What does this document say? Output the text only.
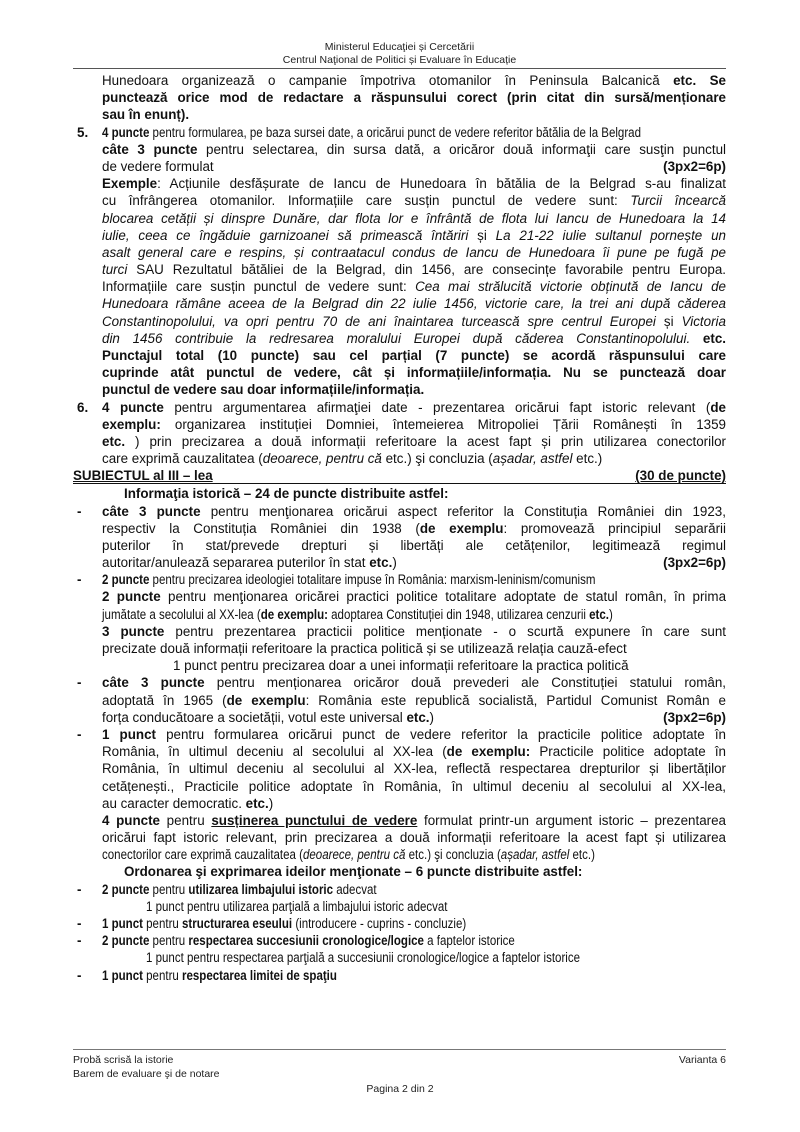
Ministerul Educaţiei și Cercetării
Centrul Naţional de Politici și Evaluare în Educație
Hunedoara organizează o campanie împotriva otomanilor în Peninsula Balcanică etc. Se
punctează orice mod de redactare a răspunsului corect (prin citat din sursă/menționare
sau în enunț).
5. 4 puncte pentru formularea, pe baza sursei date, a oricărui punct de vedere referitor bătălia de la Belgrad
câte 3 puncte pentru selectarea, din sursa dată, a oricăror două informaţii care susţin punctul
de vedere formulat	(3px2=6p)
Exemple: Acțiunile desfășurate de Iancu de Hunedoara în bătălia de la Belgrad s-au finalizat
cu înfrângerea otomanilor. Informațiile care susțin punctul de vedere sunt: Turcii încearcă
blocarea cetății și dinspre Dunăre, dar flota lor e înfrântă de flota lui Iancu de Hunedoara la 14
iulie, ceea ce îngăduie garnizoanei să primească întăriri și La 21-22 iulie sultanul pornește un
asalt general care e respins, și contraatacul condus de Iancu de Hunedoara îi pune pe fugă pe
turci SAU Rezultatul bătăliei de la Belgrad, din 1456, are consecințe favorabile pentru Europa.
Informațiile care susțin punctul de vedere sunt: Cea mai strălucită victorie obținută de Iancu de
Hunedoara rămâne aceea de la Belgrad din 22 iulie 1456, victorie care, la trei ani după căderea
Constantinopolului, va opri pentru 70 de ani înaintarea turcească spre centrul Europei și Victoria
din 1456 contribuie la redresarea moralului Europei după căderea Constantinopolului. etc.
Punctajul total (10 puncte) sau cel parțial (7 puncte) se acordă răspunsului care
cuprinde atât punctul de vedere, cât și informațiile/informația. Nu se punctează doar
punctul de vedere sau doar informațiile/informația.
6. 4 puncte pentru argumentarea afirmaţiei date - prezentarea oricărui fapt istoric relevant (de
exemplu: organizarea instituției Domniei, întemeierea Mitropoliei Țării Românești în 1359
etc. ) prin precizarea a două informații referitoare la acest fapt și prin utilizarea conectorilor
care exprimă cauzalitatea (deoarece, pentru că etc.) şi concluzia (așadar, astfel etc.)
SUBIECTUL al III – lea	(30 de puncte)
Informaţia istorică – 24 de puncte distribuite astfel:
- câte 3 puncte pentru menţionarea oricărui aspect referitor la Constituția României din 1923,
respectiv la Constituția României din 1938 (de exemplu: promovează principiul separării
puterilor în stat/prevede drepturi și libertăți ale cetățenilor, legitimează regimul
autoritar/anulează separarea puterilor în stat etc.)	(3px2=6p)
- 2 puncte pentru precizarea ideologiei totalitare impuse în România: marxism-leninism/comunism
2 puncte pentru menţionarea oricărei practici politice totalitare adoptate de statul român, în prima
jumătate a secolului al XX-lea (de exemplu: adoptarea Constituției din 1948, utilizarea cenzurii etc.)
3 puncte pentru prezentarea practicii politice menționate - o scurtă expunere în care sunt
precizate două informații referitoare la practica politică și se utilizează relația cauză-efect
1 punct pentru precizarea doar a unei informații referitoare la practica politică
- câte 3 puncte pentru menționarea oricăror două prevederi ale Constituției statului român,
adoptată în 1965 (de exemplu: România este republică socialistă, Partidul Comunist Român e
forța conducătoare a societății, votul este universal etc.)	(3px2=6p)
- 1 punct pentru formularea oricărui punct de vedere referitor la practicile politice adoptate în
România, în ultimul deceniu al secolului al XX-lea (de exemplu: Practicile politice adoptate în
România, în ultimul deceniu al secolului al XX-lea, reflectă respectarea drepturilor și libertăților
cetățenești., Practicile politice adoptate în România, în ultimul deceniu al secolului al XX-lea,
au caracter democratic. etc.)
4 puncte pentru susținerea punctului de vedere formulat printr-un argument istoric – prezentarea
oricărui fapt istoric relevant, prin precizarea a două informații referitoare la acest fapt și utilizarea
conectorilor care exprimă cauzalitatea (deoarece, pentru că etc.) şi concluzia (așadar, astfel etc.)
Ordonarea şi exprimarea ideilor menţionate – 6 puncte distribuite astfel:
- 2 puncte pentru utilizarea limbajului istoric adecvat
1 punct pentru utilizarea parţială a limbajului istoric adecvat
- 1 punct pentru structurarea eseului (introducere - cuprins - concluzie)
- 2 puncte pentru respectarea succesiunii cronologice/logice a faptelor istorice
1 punct pentru respectarea parţială a succesiunii cronologice/logice a faptelor istorice
- 1 punct pentru respectarea limitei de spaţiu
Probă scrisă la istorie
Barem de evaluare şi de notare
Varianta 6
Pagina 2 din 2
